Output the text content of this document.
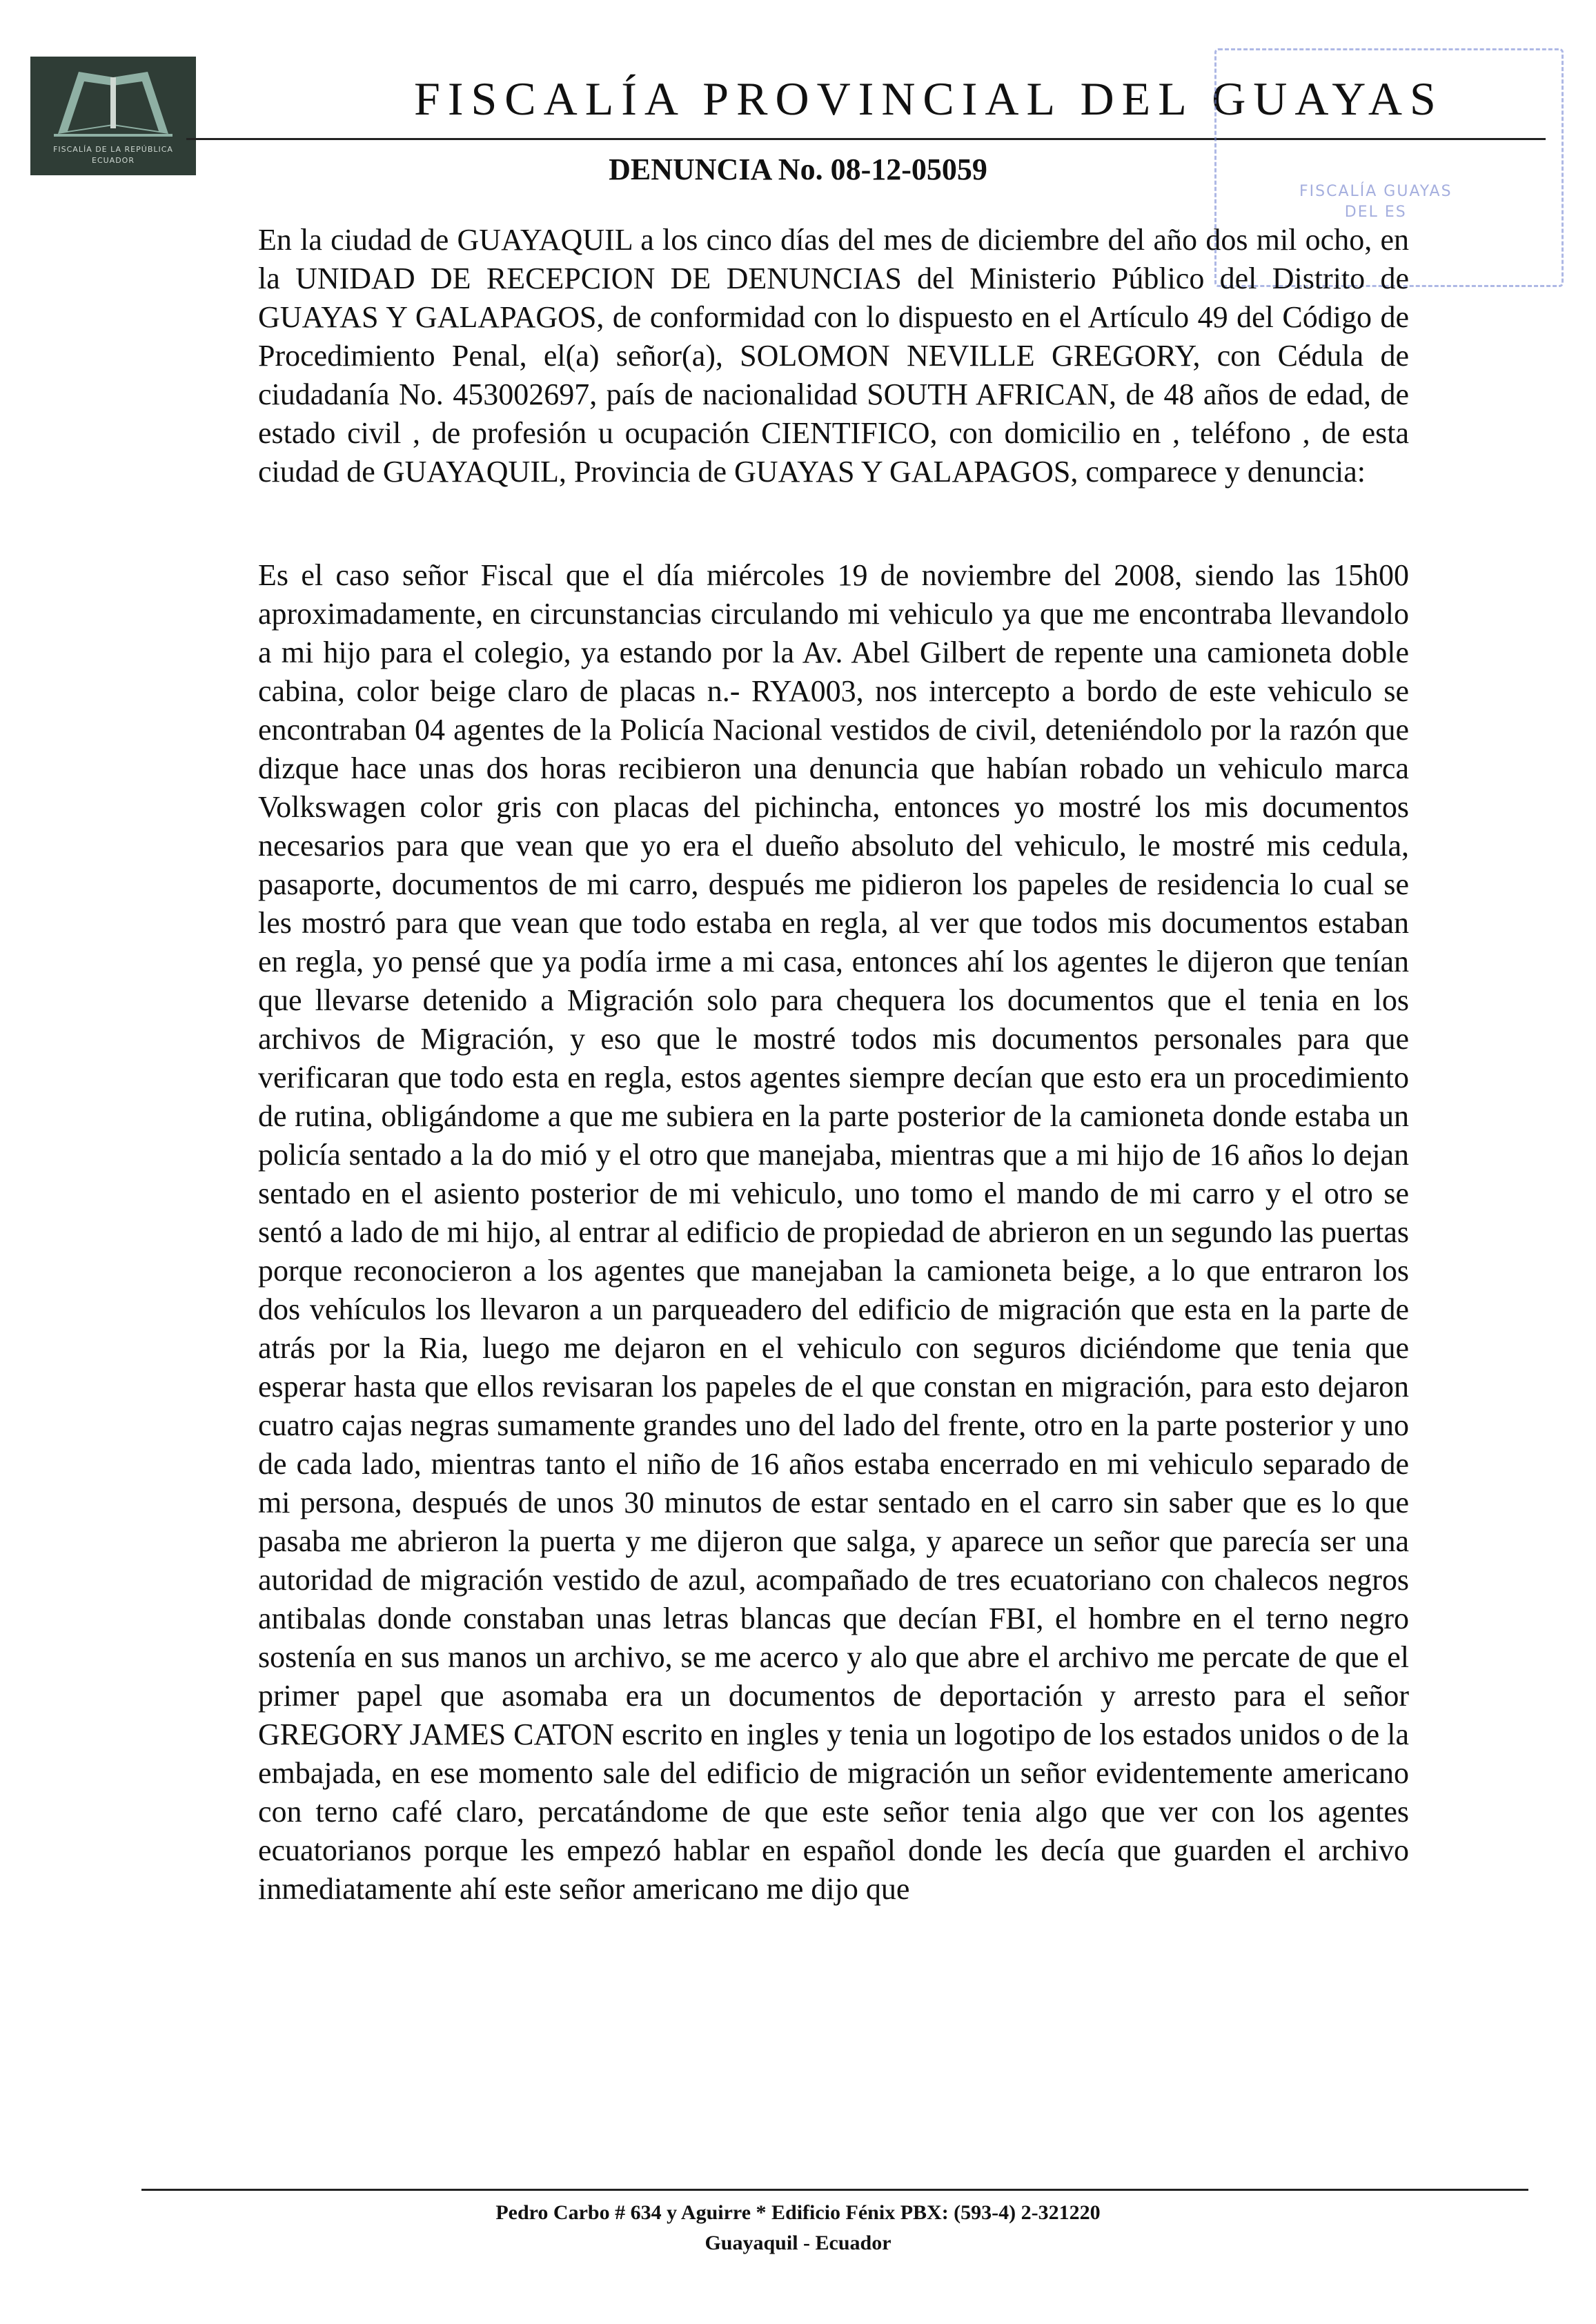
FISCALÍA DE LA REPÚBLICA
ECUADOR
FISCALÍA PROVINCIAL DEL GUAYAS
FISCALÍA GUAYAS
DEL ES
DENUNCIA No. 08-12-05059

En la ciudad de GUAYAQUIL a los cinco días del mes de diciembre del año dos mil ocho, en la UNIDAD DE RECEPCION DE DENUNCIAS del Ministerio Público del Distrito de GUAYAS Y GALAPAGOS, de conformidad con lo dispuesto en el Artículo 49 del Código de Procedimiento Penal, el(a) señor(a), SOLOMON NEVILLE GREGORY, con Cédula de ciudadanía No. 453002697, país de nacionalidad SOUTH AFRICAN, de 48 años de edad, de estado civil , de profesión u ocupación CIENTIFICO, con domicilio en , teléfono , de esta ciudad de GUAYAQUIL, Provincia de GUAYAS Y GALAPAGOS, comparece y denuncia:

Es el caso señor Fiscal que el día miércoles 19 de noviembre del 2008, siendo las 15h00 aproximadamente, en circunstancias circulando mi vehiculo ya que me encontraba llevandolo a mi hijo para el colegio, ya estando por la Av. Abel Gilbert de repente una camioneta doble cabina, color beige claro de placas n.- RYA003, nos intercepto a bordo de este vehiculo se encontraban 04 agentes de la Policía Nacional vestidos de civil, deteniéndolo por la razón que dizque hace unas dos horas recibieron una denuncia que habían robado un vehiculo marca Volkswagen color gris con placas del pichincha, entonces yo mostré los mis documentos necesarios para que vean que yo era el dueño absoluto del vehiculo, le mostré mis cedula, pasaporte, documentos de mi carro, después me pidieron los papeles de residencia lo cual se les mostró para que vean que todo estaba en regla, al ver que todos mis documentos estaban en regla, yo pensé que ya podía irme a mi casa, entonces ahí los agentes le dijeron que tenían que llevarse detenido a Migración solo para chequera los documentos que el tenia en los archivos de Migración, y eso que le mostré todos mis documentos personales para que verificaran que todo esta en regla, estos agentes siempre decían que esto era un procedimiento de rutina, obligándome a que me subiera en la parte posterior de la camioneta donde estaba un policía sentado a la do mió y el otro que manejaba, mientras que a mi hijo de 16 años lo dejan sentado en el asiento posterior de mi vehiculo, uno tomo el mando de mi carro y el otro se sentó a lado de mi hijo, al entrar al edificio de propiedad de abrieron en un segundo las puertas porque reconocieron a los agentes que manejaban la camioneta beige, a lo que entraron los dos vehículos los llevaron a un parqueadero del edificio de migración que esta en la parte de atrás por la Ria, luego me dejaron en el vehiculo con seguros diciéndome que tenia que esperar hasta que ellos revisaran los papeles de el que constan en migración, para esto dejaron cuatro cajas negras sumamente grandes uno del lado del frente, otro en la parte posterior y uno de cada lado, mientras tanto el niño de 16 años estaba encerrado en mi vehiculo separado de mi persona, después de unos 30 minutos de estar sentado en el carro sin saber que es lo que pasaba me abrieron la puerta y me dijeron que salga, y aparece un señor que parecía ser una autoridad de migración vestido de azul, acompañado de tres ecuatoriano con chalecos negros antibalas donde constaban unas letras blancas que decían FBI, el hombre en el terno negro sostenía en sus manos un archivo, se me acerco y alo que abre el archivo me percate de que el primer papel que asomaba era un documentos de deportación y arresto para el señor GREGORY JAMES CATON escrito en ingles y tenia un logotipo de los estados unidos o de la embajada, en ese momento sale del edificio de migración un señor evidentemente americano con terno café claro, percatándome de que este señor tenia algo que ver con los agentes ecuatorianos porque les empezó hablar en español donde les decía que guarden el archivo inmediatamente ahí este señor americano me dijo que

Pedro Carbo # 634 y Aguirre * Edificio Fénix PBX: (593-4) 2-321220
Guayaquil - Ecuador
